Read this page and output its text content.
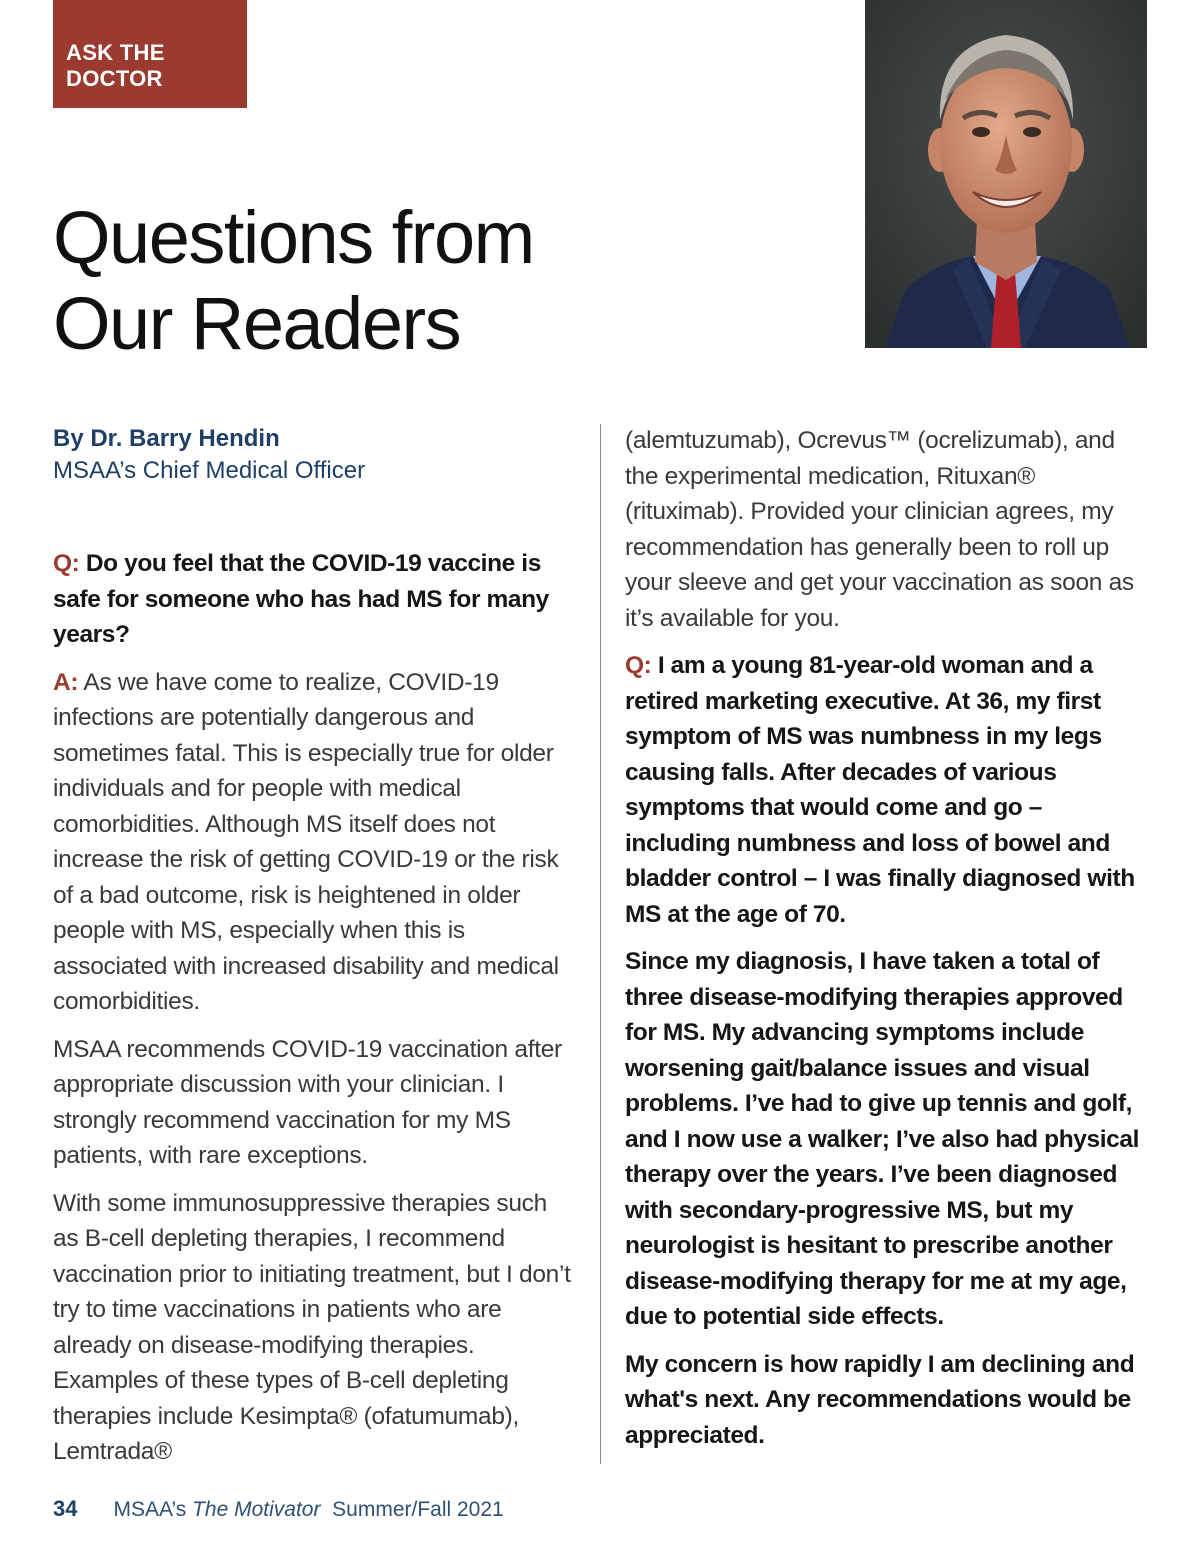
ASK THE
DOCTOR
Questions from
Our Readers
By Dr. Barry Hendin
MSAA’s Chief Medical Officer

Q: Do you feel that the COVID-19 vaccine is safe for someone who has had MS for many years?

A: As we have come to realize, COVID-19 infections are potentially dangerous and sometimes fatal. This is especially true for older individuals and for people with medical comorbidities. Although MS itself does not increase the risk of getting COVID-19 or the risk of a bad outcome, risk is heightened in older people with MS, especially when this is associated with increased disability and medical comorbidities.

MSAA recommends COVID-19 vaccination after appropriate discussion with your clinician. I strongly recommend vaccination for my MS patients, with rare exceptions.

With some immunosuppressive therapies such as B-cell depleting therapies, I recommend vaccination prior to initiating treatment, but I don’t try to time vaccinations in patients who are already on disease-modifying therapies. Examples of these types of B-cell depleting therapies include Kesimpta® (ofatumumab), Lemtrada®

(alemtuzumab), Ocrevus™ (ocrelizumab), and the experimental medication, Rituxan® (rituximab). Provided your clinician agrees, my recommendation has generally been to roll up your sleeve and get your vaccination as soon as it’s available for you.

Q: I am a young 81-year-old woman and a retired marketing executive. At 36, my first symptom of MS was numbness in my legs causing falls. After decades of various symptoms that would come and go – including numbness and loss of bowel and bladder control – I was finally diagnosed with MS at the age of 70.

Since my diagnosis, I have taken a total of three disease-modifying therapies approved for MS. My advancing symptoms include worsening gait/balance issues and visual problems. I’ve had to give up tennis and golf, and I now use a walker; I’ve also had physical therapy over the years. I’ve been diagnosed with secondary-progressive MS, but my neurologist is hesitant to prescribe another disease-modifying therapy for me at my age, due to potential side effects.

My concern is how rapidly I am declining and what's next. Any recommendations would be appreciated.

34 MSAA’s The Motivator Summer/Fall 2021
